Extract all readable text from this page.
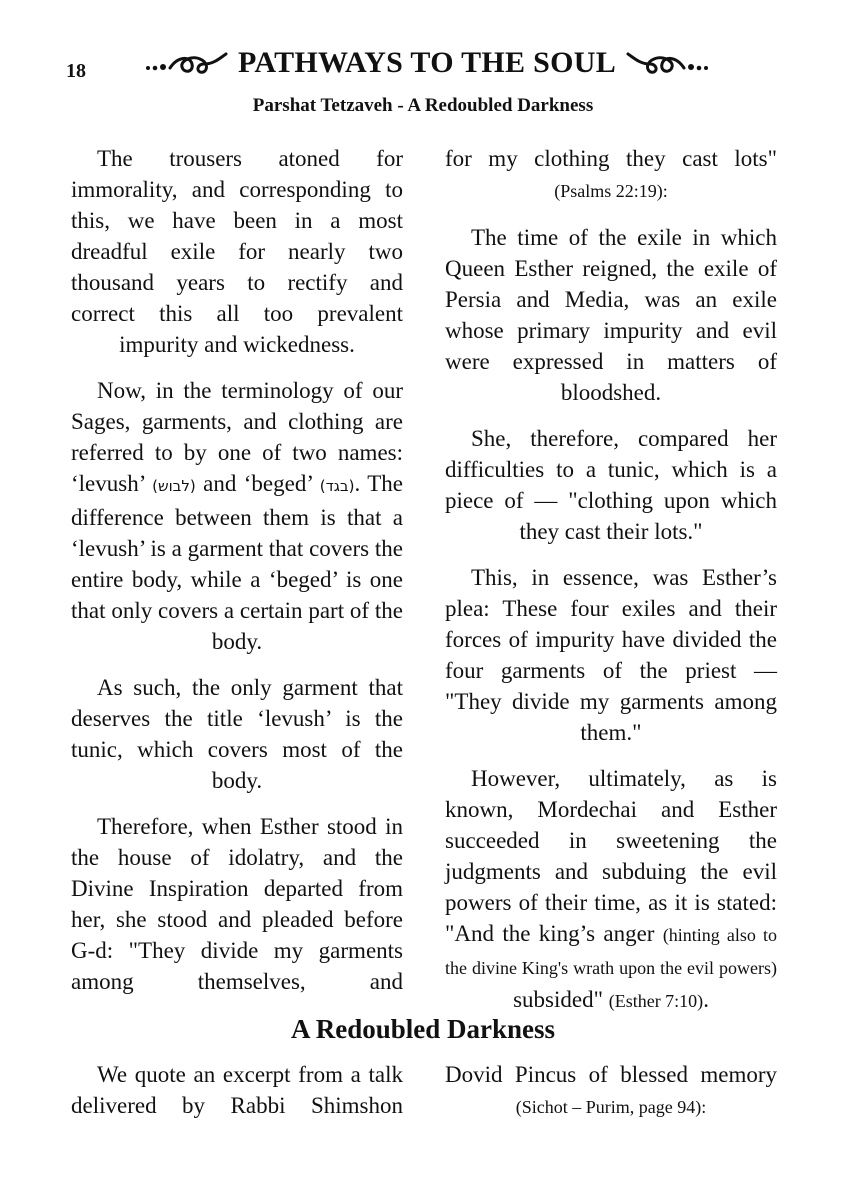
18	PATHWAYS TO THE SOUL
Parshat Tetzaveh - A Redoubled Darkness

The trousers atoned for immorality, and corresponding to this, we have been in a most dreadful exile for nearly two thousand years to rectify and correct this all too prevalent impurity and wickedness.

Now, in the terminology of our Sages, garments, and clothing are referred to by one of two names: ‘levush’ (לבוש) and ‘beged’ (בגד). The difference between them is that a ‘levush’ is a garment that covers the entire body, while a ‘beged’ is one that only covers a certain part of the body.

As such, the only garment that deserves the title ‘levush’ is the tunic, which covers most of the body.

Therefore, when Esther stood in the house of idolatry, and the Divine Inspiration departed from her, she stood and pleaded before G-d: "They divide my garments among themselves, and

for my clothing they cast lots" (Psalms 22:19):

The time of the exile in which Queen Esther reigned, the exile of Persia and Media, was an exile whose primary impurity and evil were expressed in matters of bloodshed.

She, therefore, compared her difficulties to a tunic, which is a piece of — "clothing upon which they cast their lots."

This, in essence, was Esther’s plea: These four exiles and their forces of impurity have divided the four garments of the priest — "They divide my garments among them."

However, ultimately, as is known, Mordechai and Esther succeeded in sweetening the judgments and subduing the evil powers of their time, as it is stated: "And the king’s anger (hinting also to the divine King's wrath upon the evil powers) subsided" (Esther 7:10).

A Redoubled Darkness

We quote an excerpt from a talk delivered by Rabbi Shimshon

Dovid Pincus of blessed memory (Sichot – Purim, page 94):
